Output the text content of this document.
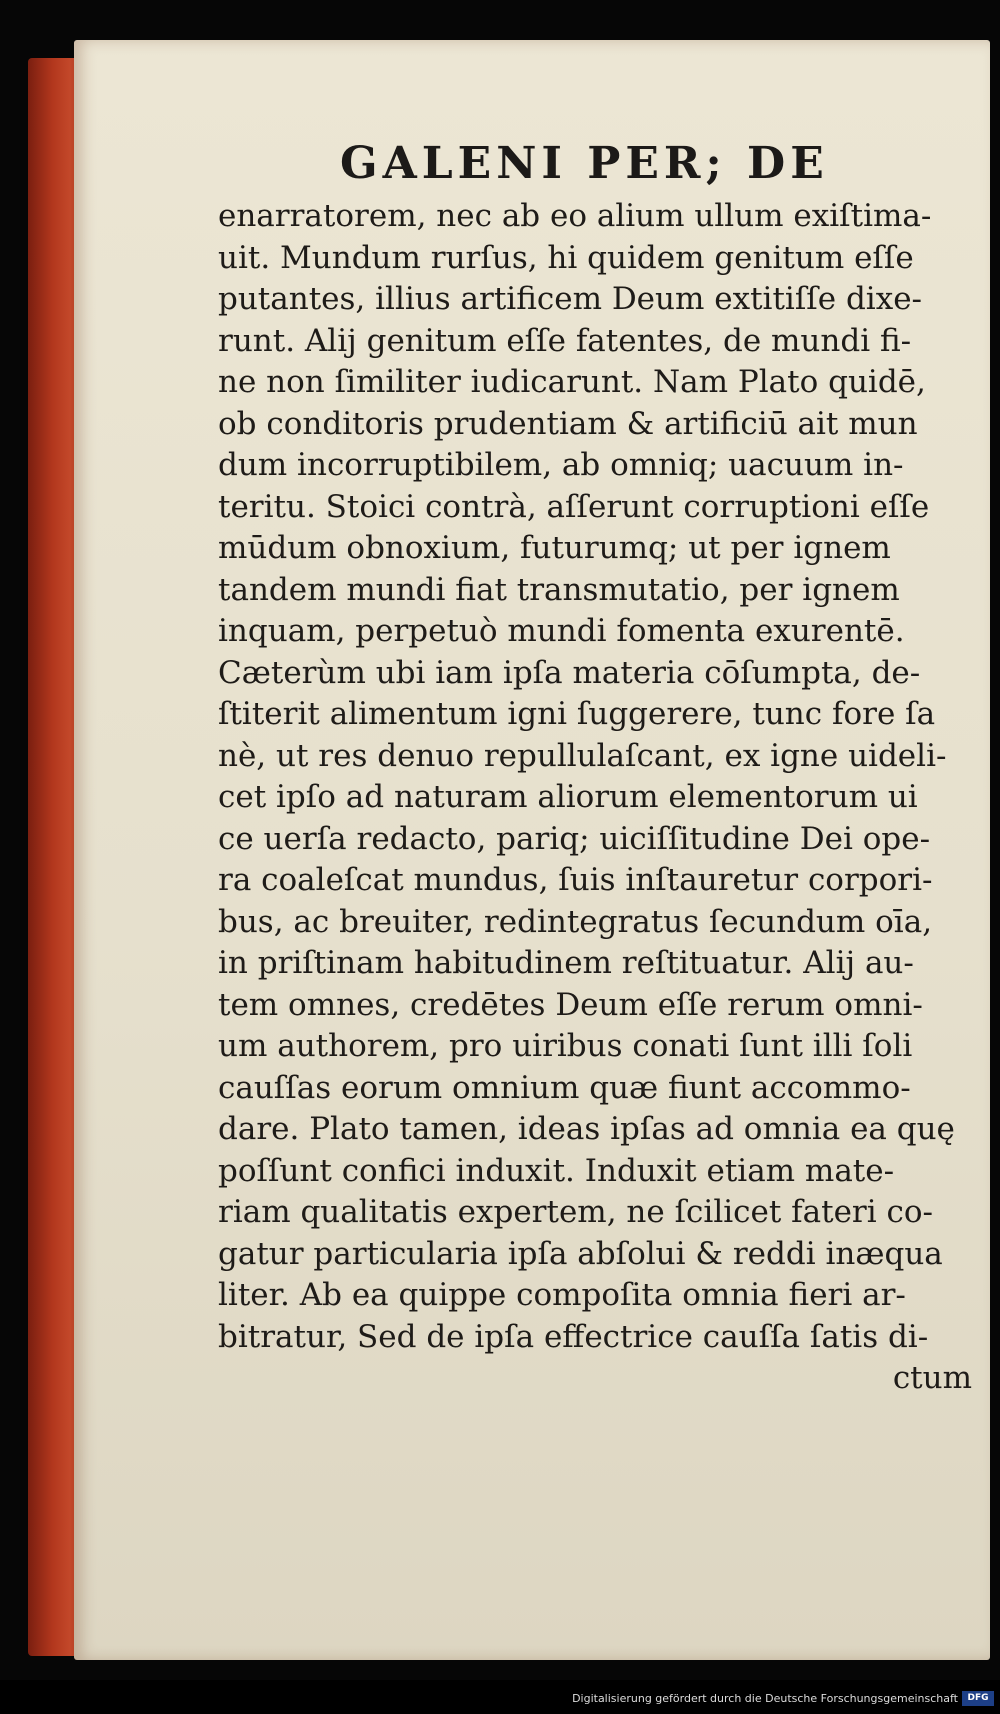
GALENI PER; DE
enarratorem, nec ab eo alium ullum exiſtima-
uit. Mundum rurſus, hi quidem genitum eſſe
putantes, illius artificem Deum extitiſſe dixe-
runt. Alij genitum eſſe fatentes, de mundi fi-
ne non ſimiliter iudicarunt. Nam Plato quidē,
ob conditoris prudentiam & artificiū ait mun
dum incorruptibilem, ab omniq; uacuum in-
teritu. Stoici contrà, aſſerunt corruptioni eſſe
mūdum obnoxium, futurumq; ut per ignem
tandem mundi fiat transmutatio, per ignem
inquam, perpetuò mundi fomenta exurentē.
Cæterùm ubi iam ipſa materia cōſumpta, de-
ſtiterit alimentum igni ſuggerere, tunc fore ſa
nè, ut res denuo repullulaſcant, ex igne uideli-
cet ipſo ad naturam aliorum elementorum ui
ce uerſa redacto, pariq; uiciſſitudine Dei ope-
ra coaleſcat mundus, ſuis inſtauretur corpori-
bus, ac breuiter, redintegratus ſecundum oīa,
in priſtinam habitudinem reſtituatur. Alij au-
tem omnes, credētes Deum eſſe rerum omni-
um authorem, pro uiribus conati ſunt illi ſoli
cauſſas eorum omnium quæ fiunt accommo-
dare. Plato tamen, ideas ipſas ad omnia ea quę
poſſunt confici induxit. Induxit etiam mate-
riam qualitatis expertem, ne ſcilicet fateri co-
gatur particularia ipſa abſolui & reddi inæqua
liter. Ab ea quippe compoſita omnia fieri ar-
bitratur, Sed de ipſa effectrice cauſſa ſatis di-
ctum
Digitalisierung gefördert durch die Deutsche Forschungsgemeinschaft	DFG
